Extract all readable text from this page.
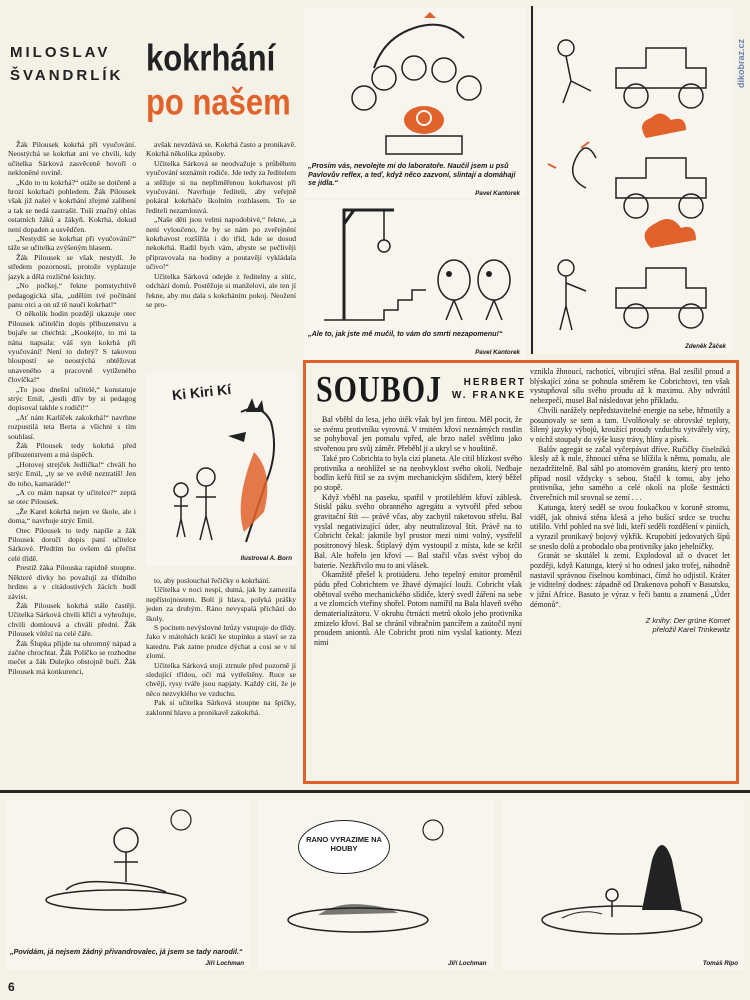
dikobraz.cz
MILOSLAV
ŠVANDRLÍK kokrhání
po našem

Žák Pilousek kokrhá při vyučování. Neostýchá se kokrhat ani ve chvíli, kdy učitelka Sárková zasvěceně hovoří o nekloněné rovině.

„Kdo to tu kokrhá?“ otáže se dotčeně a hrozí kokrhači pohledem. Žák Pilousek však již našel v kokrhání zřejmé zalíbení a tak se nedá zastrašit. Tuší značný ohlas ostatních žáků a žákyň. Kokrhá, dokud není dopaden a usvědčen.

„Nestydíš se kokrhat při vyučování?“ táže se učitelka zvýšeným hlasem.

Žák Pilousek se však nestydí. Je středem pozornosti, protože vyplazuje jazyk a dělá rozličné ksichty.

„No počkej,“ řekne pomstychtivě pedagogická síla, „udělím tvé počínání panu otci a on už tě naučí kokrhat!“

O několik hodin později ukazuje otec Pilousek učitelčin dopis příbuzenstvu a bujaře se chechtá: „Koukejte, to mi ta nána napsala: váš syn kokrhá při vyučování! Není to dobrý? S takovou hloupostí se neostýchá obtěžovat unaveného a pracovně vytíženého človíčka!“

„To jsou dnešní učitelé,“ konstatuje strýc Emil, „jestli dřív by si pedagog dopisoval takhle s rodiči!“

„Ať nám Karlíček zakokrhá!“ navrhne rozpustilá teta Berta a všichni s tím souhlasí.

Žák Pilousek tedy kokrhá před příbuzenstvem a má úspěch.

„Hotovej strejček Jedlička!“ chválí ho strýc Emil, „ty se ve světě neztratíš! Jen do toho, kamaráde!“

„A co mám napsat ty učitelce?“ zeptá se otec Pilousek.

„Že Karel kokrhá nejen ve škole, ale i doma,“ navrhuje strýc Emil.

Otec Pilousek to tedy napíše a žák Pilousek doručí dopis paní učitelce Sárkové. Předtím ho ovšem dá přečíst celé třídě.

Prestiž žáka Pilouska rapidně stoupne. Některé dívky ho považují za třídního hrdinu a v citádostivých žácích budí závist.

Žák Pilousek kokrhá stále častěji. Učitelka Sárková chvíli křičí a vyhrožuje, chvíli domlouvá a chválí přední. Žák Pilousek vítězí na celé čáře.

Žák Šlupka přijde na ohromný nápad a začne chrochtat. Žák Políčko se rozhodne mečet a žák Dulejko obstojně bučí. Žák Pilousek má konkurenci,

avšak nevzdává se. Kokrhá často a pronikavě. Kokrhá několika způsoby.

Učitelka Sárková se neodvažuje s průběhem vyučování seznámit rodiče. Jde tedy za ředitelem a stěžuje si na nepřiměřenou kokrhavost při vyučování. Navrhuje řediteli, aby veřejně pokáral kokrháče školním rozhlasem. To se řediteli nezamlouvá.

„Naše děti jsou velmi napodobivé,“ řekne, „a není vyloučeno, že by se nám po zveřejnění kokrhavost rozšířila i do tříd, kde se dosud nekokrhá. Radil bych vám, abyste se pečlivěji připravovala na hodiny a poutavěji vykládala učivo!“

Učitelka Sárková odejde z ředitelny a sítíc, odchází domů. Postěžuje si manželovi, ale ten jí řekne, aby mu dala s kokrháním pokoj. Neožení se pro-

Ki Kiri Kí
Ilustroval A. Born

to, aby poslouchal řečičky o kokrhání.

Učitelka v noci nespí, dumá, jak by zamezila nepřístojnostem. Bolí ji hlava, polyká prášky jeden za druhým. Ráno nevyspalá přichází do školy.

S pocitem nevýslovné hrůzy vstupuje do třídy. Jako v mátohách kráčí ke stupínku a staví se za katedru. Pak zatne prudce dýchat a cosi se v ní zlomí.

Učitelka Sárková stojí ztrnule před pozorně ji sledující třídou, oči má vytřeštěny. Ruce se chvějí, rysy tváře jsou napjaty. Každý cítí, že je něco nezvyklého ve vzduchu.

Pak si učitelka Sárková stoupne na špičky, zaklonní hlavu a pronikavě zakokrhá.

„Prosím vás, nevolejte mi do laboratoře. Naučil jsem u psů Pavlovův reflex, a teď, když něco zazvoní, slintají a domáhají se jídla.“
Pavel Kantorek
„Ale to, jak jste mě mučil, to vám do smrti nezapomenu!“
Pavel Kantorek
Zdeněk Žáček
SOUBOJ	HERBERT
W. FRANKE

Bal vběhl do lesa, jeho útěk však byl jen fintou. Měl pocit, že se svému protivníku vyrovná. V trnitém křoví neznámých rostlin se pohyboval jen pomalu vpřed, ale brzo našel světlinu jako stvořenou pro svůj záměr. Přeběhl ji a ukryl se v houštině.

Také pro Cobrichta to byla cizí planeta. Ale cítil blízkost svého protivníka a neohlížel se na neobvyklost svého okolí. Nedbaje bodlin keřů řítil se za svým mechanickým slídičem, který běžel po stopě.

Když vběhl na paseku, spatřil v protilehlém křoví záblesk. Stiskl páku svého obranného agregátu a vytvořil před sebou gravitační štít — právě včas, aby zachytil raketovou střelu. Bal vyslal negativizující úder, aby neutralizoval štít. Právě na to Cobricht čekal: jakmile byl prostor mezi nimi volný, vystřelil positronový blesk. Štiplavý dým vystoupil z místa, kde se krčil Bal. Ale hořelo jen křoví — Bal stačil včas svést výboj do baterie. Nezkřivilo mu to ani vlásek.

Okamžitě přešel k protiúderu. Jeho tepelný emitor proměnil půdu před Cobrichtem ve žhavé dýmající louži. Cobricht však obětoval svého mechanického slídiče, který svedl žáření na sebe a ve zlomcích vteřiny shořel. Potom namířil na Bala hlaveň svého dematerializátoru. V okruhu čtrnácti metrů okolo jeho protivníka zmizelo křoví. Bal se chránil vibračním pancířem a zaútočil nyní proudem aniontů. Ale Cobricht proti nim vyslal kationty. Mezi nimi

vznikla žhnoucí, rachotící, vibrující stěna. Bal zesílil proud a blýskající zóna se pohnula směrem ke Cobrichtovi, ten však vystupňoval sílu svého proudu až k maximu. Aby odvrátil nebezpečí, musel Bal následovat jeho příkladu.

Chvíli narážely nepředstavitelné energie na sebe, hřmotily a posunovaly se sem a tam. Uvolňovaly se obrovské teploty, šílený jazyky výbojů, kroužící proudy vzduchu vytvářely víry, v nichž stoupaly do výše kusy trávy, hlíny a písek.

Balův agregát se začal vyčerpávat dříve. Ručičky číselníků klesly až k nule, žhnoucí stěna se blížila k němu, pomalu, ale nezadržitelně. Bal sáhl po atomovém granátu, který pro tento případ nosil vždycky s sebou. Stačil k tomu, aby jeho protivníka, jeho samého a celé okolí na ploše šestnácti čtverečních mil srovnal se zemí . . .

Katunga, který seděl se svou foukačkou v koruně stromu, viděl, jak ohnivá stěna klesá a jeho bušící srdce se trochu utišilo. Vrhl pohled na své lidi, kteří seděli rozdělení v piniích, a vyrazil pronikavý bojový výkřik. Krupobití jedovatých šípů se sneslo dolů a probodalo oba protivníky jako jehelníčky.

Granát se skutálel k zemi. Explodoval až o dvacet let později, když Katunga, který si ho odnesl jako trofej, náhodně nastavil správnou číselnou kombinaci, čímž ho odjistil. Kráter je viditelný dodnes: západně od Drakenova pohoří v Basutsku, v jižní Africe. Basuto je výraz v řeči bantu a znamená „Úder démonů“.

Z knihy: Der grüne Komet
přeložil Karel Trinkewitz
„Povídám, já nejsem žádný přivandrovalec, já jsem se tady narodil.“
Jiří Lochman
RANO VYRAZIME NA HOUBY
Jiří Lochman	Tomáš Ripo
6
